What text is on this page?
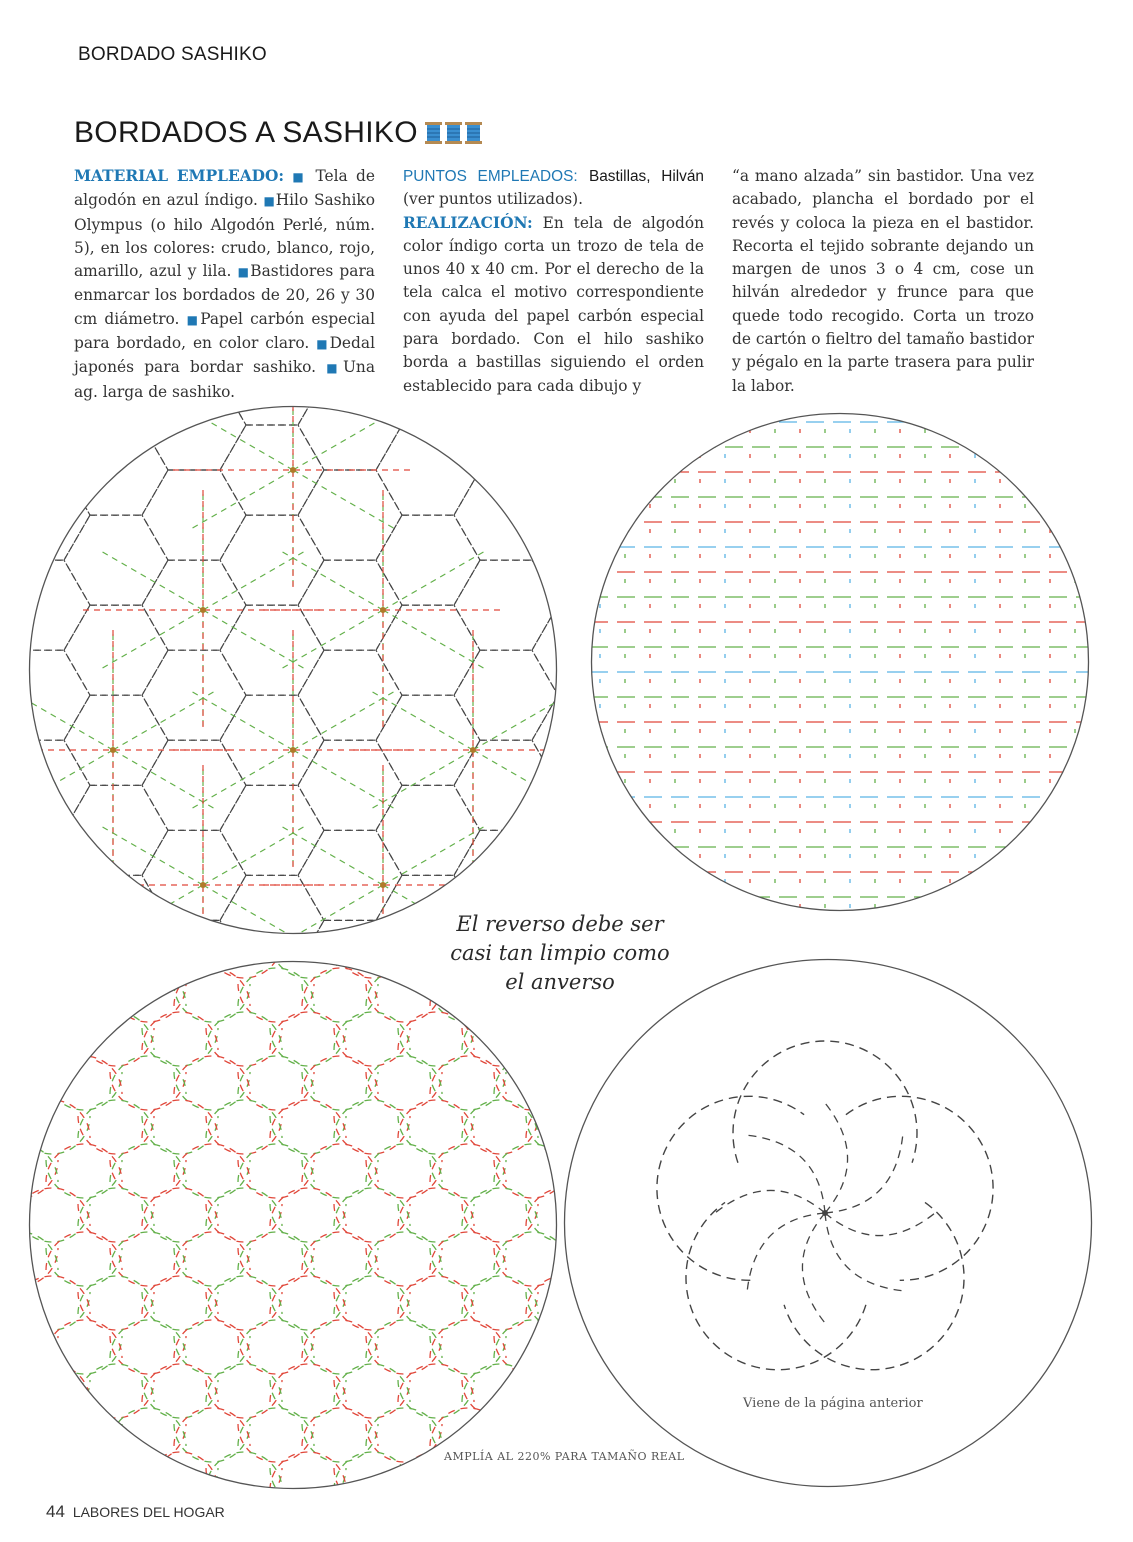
BORDADO SASHIKO
BORDADOS A SASHIKO

MATERIAL EMPLEADO: ■ Tela de algodón en azul índigo. ■Hilo Sashiko Olympus (o hilo Algodón Perlé, núm. 5), en los colores: crudo, blanco, rojo, amarillo, azul y lila. ■Bastidores para enmarcar los bordados de 20, 26 y 30 cm diámetro. ■Papel carbón especial para bordado, en color claro. ■Dedal japonés para bordar sashiko. ■Una ag. larga de sashiko.

PUNTOS EMPLEADOS: Bastillas, Hilván (ver puntos utilizados).

REALIZACIÓN: En tela de algodón color índigo corta un trozo de tela de unos 40 x 40 cm. Por el derecho de la tela calca el motivo correspondiente con ayuda del papel carbón especial para bordado. Con el hilo sashiko borda a bastillas siguiendo el orden establecido para cada dibujo y

“a mano alzada” sin bastidor. Una vez acabado, plancha el bordado por el revés y coloca la pieza en el bastidor. Recorta el tejido sobrante dejando un margen de unos 3 o 4 cm, cose un hilván alrededor y frunce para que quede todo recogido. Corta un trozo de cartón o fieltro del tamaño bastidor y pégalo en la parte trasera para pulir la labor.

El reverso debe ser
casi tan limpio como
el anverso
Viene de la página anterior
AMPLÍA AL 220% PARA TAMAÑO REAL
44 LABORES DEL HOGAR
